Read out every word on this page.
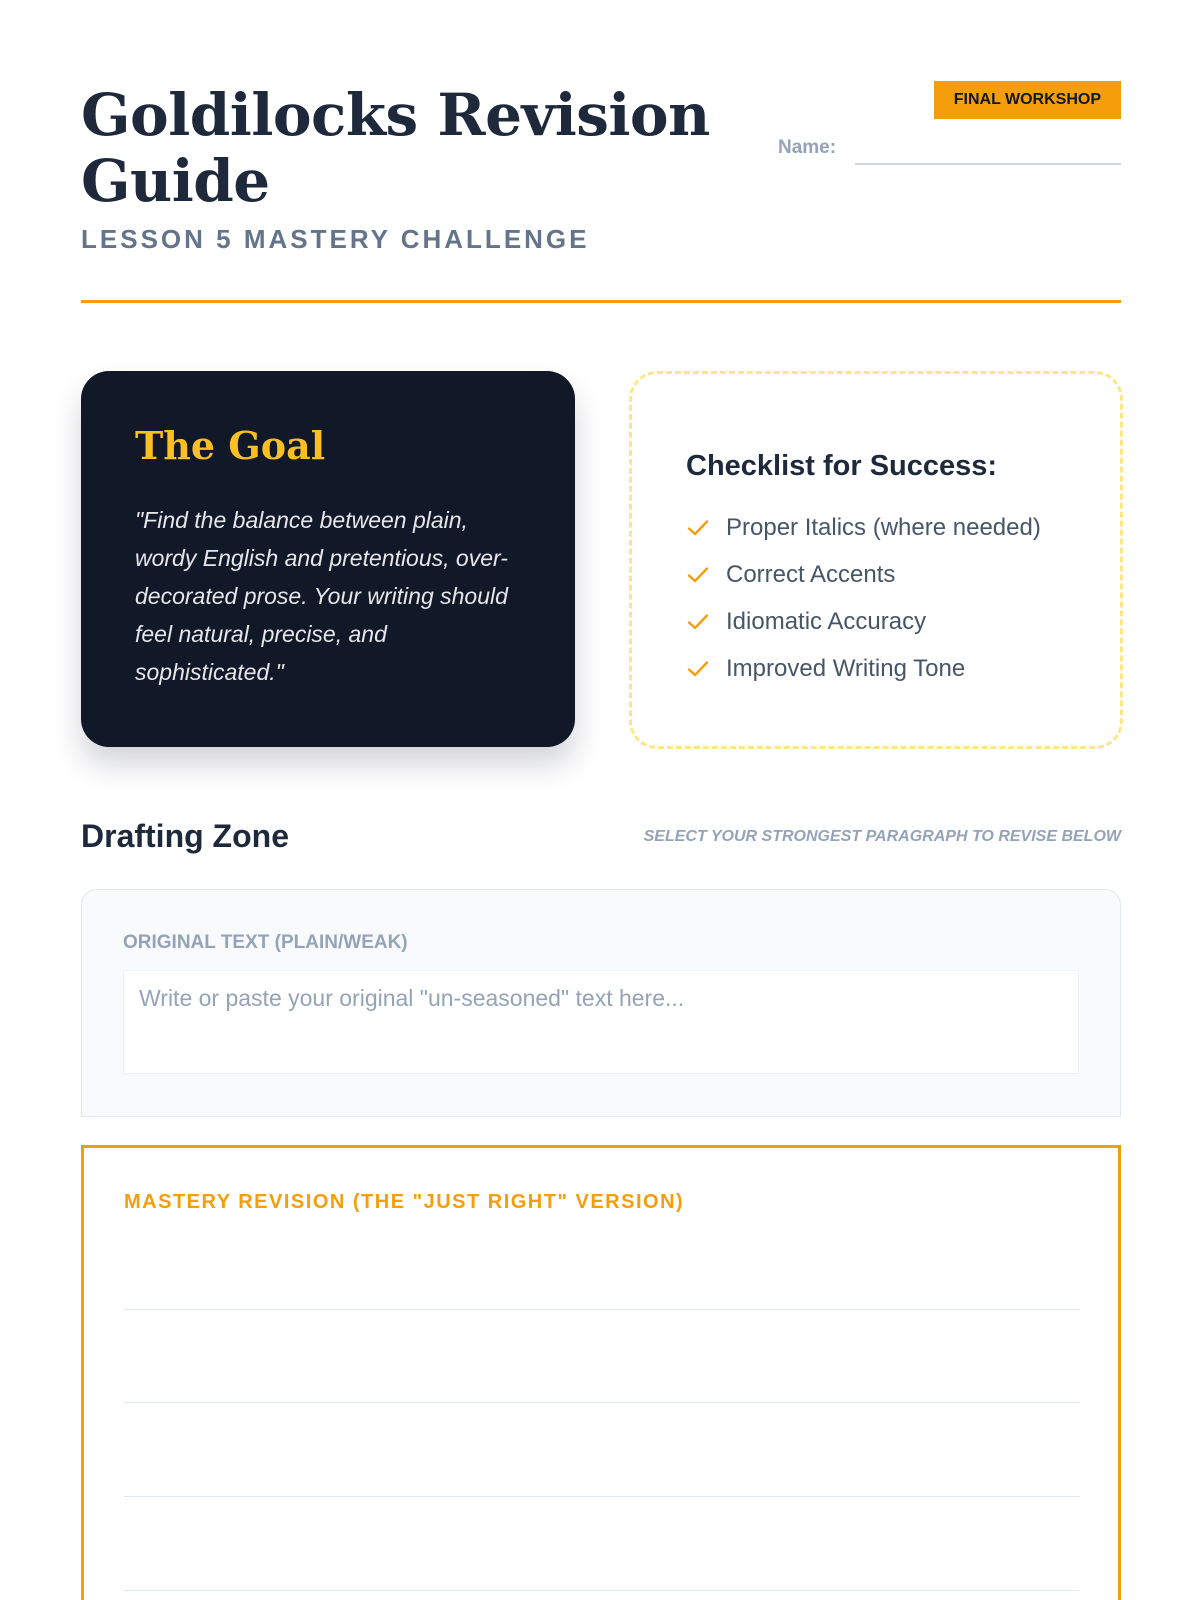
Goldilocks Revision Guide
LESSON 5 MASTERY CHALLENGE
FINAL WORKSHOP
Name:
The Goal
"Find the balance between plain, wordy English and pretentious, over-decorated prose. Your writing should feel natural, precise, and sophisticated."
Checklist for Success:
Proper Italics (where needed)
Correct Accents
Idiomatic Accuracy
Improved Writing Tone
Drafting Zone	SELECT YOUR STRONGEST PARAGRAPH TO REVISE BELOW
ORIGINAL TEXT (PLAIN/WEAK)
Write or paste your original "un-seasoned" text here...
MASTERY REVISION (THE "JUST RIGHT" VERSION)
